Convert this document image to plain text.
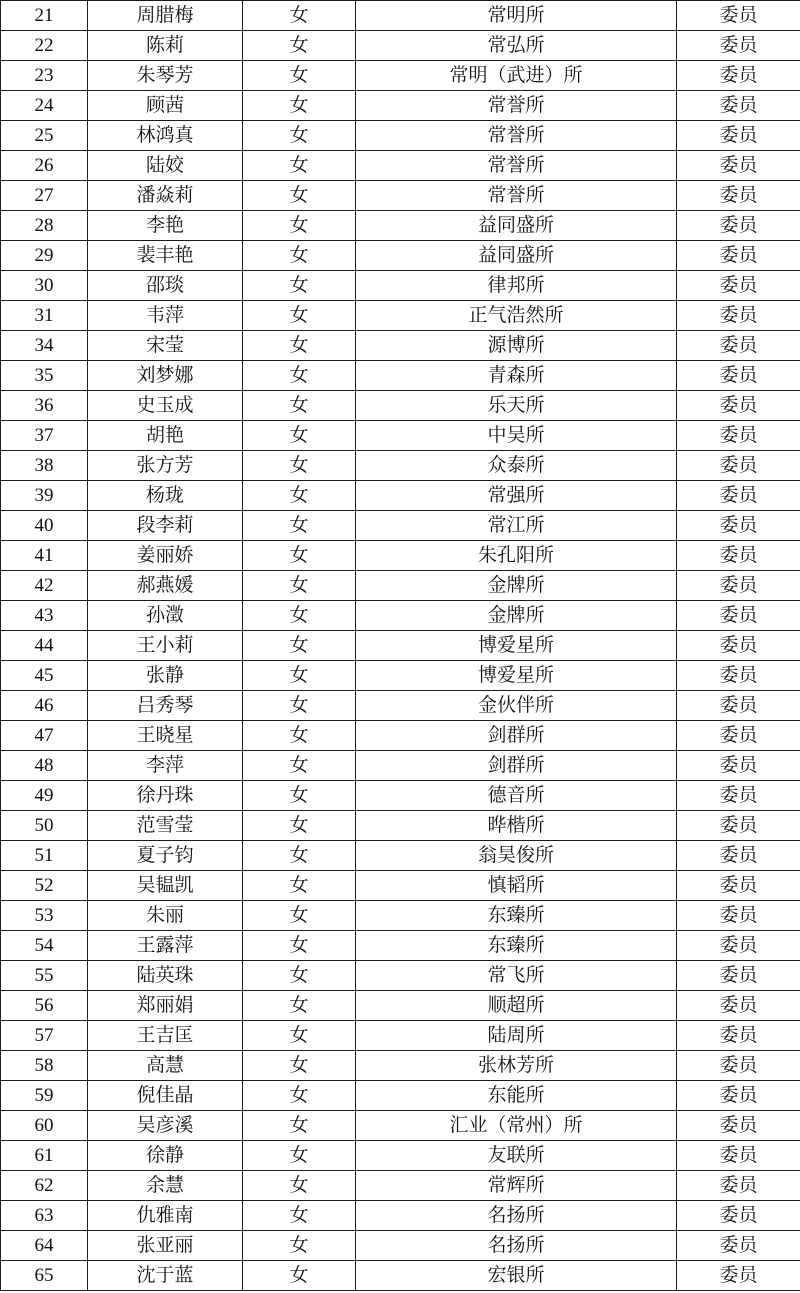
21	周腊梅	女	常明所	委员
22	陈莉	女	常弘所	委员
23	朱琴芳	女	常明（武进）所	委员
24	顾茜	女	常誉所	委员
25	林鸿真	女	常誉所	委员
26	陆姣	女	常誉所	委员
27	潘焱莉	女	常誉所	委员
28	李艳	女	益同盛所	委员
29	裴丰艳	女	益同盛所	委员
30	邵琰	女	律邦所	委员
31	韦萍	女	正气浩然所	委员
34	宋莹	女	源博所	委员
35	刘梦娜	女	青森所	委员
36	史玉成	女	乐天所	委员
37	胡艳	女	中吴所	委员
38	张方芳	女	众泰所	委员
39	杨珑	女	常强所	委员
40	段李莉	女	常江所	委员
41	姜丽娇	女	朱孔阳所	委员
42	郝燕媛	女	金牌所	委员
43	孙澂	女	金牌所	委员
44	王小莉	女	博爱星所	委员
45	张静	女	博爱星所	委员
46	吕秀琴	女	金伙伴所	委员
47	王晓星	女	剑群所	委员
48	李萍	女	剑群所	委员
49	徐丹珠	女	德音所	委员
50	范雪莹	女	晔楷所	委员
51	夏子钧	女	翁昊俊所	委员
52	吴韫凯	女	慎韬所	委员
53	朱丽	女	东臻所	委员
54	王露萍	女	东臻所	委员
55	陆英珠	女	常飞所	委员
56	郑丽娟	女	顺超所	委员
57	王吉匡	女	陆周所	委员
58	高慧	女	张林芳所	委员
59	倪佳晶	女	东能所	委员
60	吴彦溪	女	汇业（常州）所	委员
61	徐静	女	友联所	委员
62	余慧	女	常辉所	委员
63	仇雅南	女	名扬所	委员
64	张亚丽	女	名扬所	委员
65	沈于蓝	女	宏银所	委员
